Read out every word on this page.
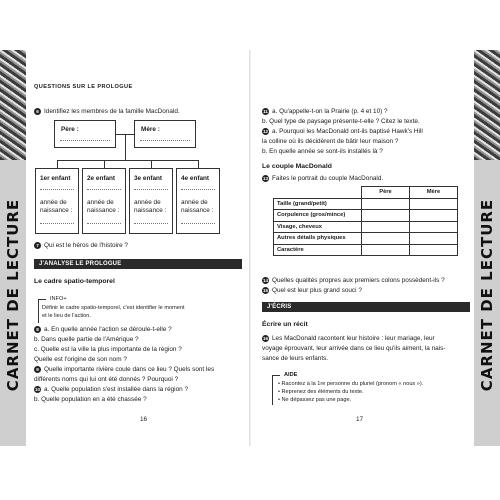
CARNET DE LECTURE	CARNET DE LECTURE
QUESTIONS SUR LE PROLOGUE
6 Identifiez les membres de la famille MacDonald.
Père :	Mère :
1er enfant
année de
naissance :
2e enfant
année de
naissance :
3e enfant
année de
naissance :
4e enfant
année de
naissance :
7 Qui est le héros de l'histoire ?
J'ANALYSE LE PROLOGUE
Le cadre spatio-temporel
INFO+
Définir le cadre spatio-temporel, c'est identifier le moment
et le lieu de l'action.
8 a. En quelle année l'action se déroule-t-elle ?
b. Dans quelle partie de l'Amérique ?
c. Quelle est la ville la plus importante de la région ?
Quelle est l'origine de son nom ?
9 Quelle importante rivière coule dans ce lieu ? Quels sont les
différents noms qui lui ont été donnés ? Pourquoi ?
10 a. Quelle population s'est installée dans la région ?
b. Quelle population en a été chassée ?
16
11 a. Qu'appelle-t-on la Prairie (p. 4 et 10) ?
b. Quel type de paysage présente-t-elle ? Citez le texte.
12 a. Pourquoi les MacDonald ont-ils baptisé Hawk's Hill
la colline où ils décidèrent de bâtir leur maison ?
b. En quelle année se sont-ils installés là ?
Le couple MacDonald
13 Faites le portrait du couple MacDonald.
	Père	Mère
Taille (grand/petit)		
Corpulence (gros/mince)		
Visage, cheveux		
Autres détails physiques		
Caractère		
14 Quelles qualités propres aux premiers colons possèdent-ils ?
15 Quel est leur plus grand souci ?
J'ÉCRIS
Écrire un récit
16 Les MacDonald racontent leur histoire : leur mariage, leur
voyage éprouvant, leur arrivée dans ce lieu qu'ils aiment, la nais-
sance de leurs enfants.
AIDE
• Racontez à la 1re personne du pluriel (pronom « nous »).
• Reprenez des éléments du texte.
• Ne dépassez pas une page.
17
